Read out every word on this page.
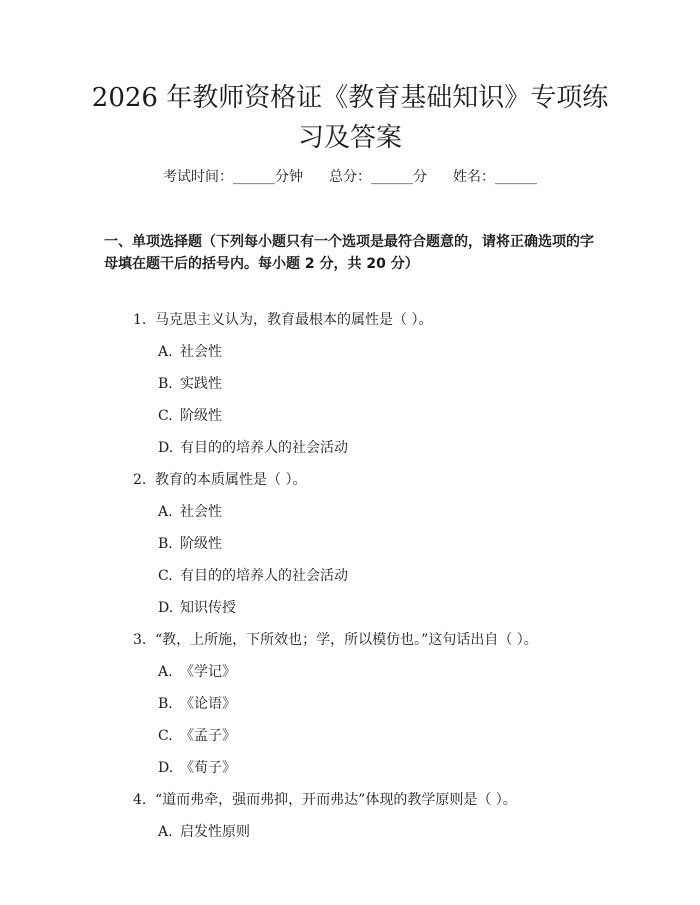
2026 年教师资格证《教育基础知识》专项练习及答案
考试时间：______分钟 总分：______分 姓名：______
一、单项选择题（下列每小题只有一个选项是最符合题意的，请将正确选项的字母填在题干后的括号内。每小题 2 分，共 20 分）
1. 马克思主义认为，教育最根本的属性是（ ）。
A. 社会性
B. 实践性
C. 阶级性
D. 有目的的培养人的社会活动
2. 教育的本质属性是（ ）。
A. 社会性
B. 阶级性
C. 有目的的培养人的社会活动
D. 知识传授
3. “教，上所施，下所效也；学，所以模仿也。”这句话出自（ ）。
A. 《学记》
B. 《论语》
C. 《孟子》
D. 《荀子》
4. “道而弗牵，强而弗抑，开而弗达”体现的教学原则是（ ）。
A. 启发性原则
